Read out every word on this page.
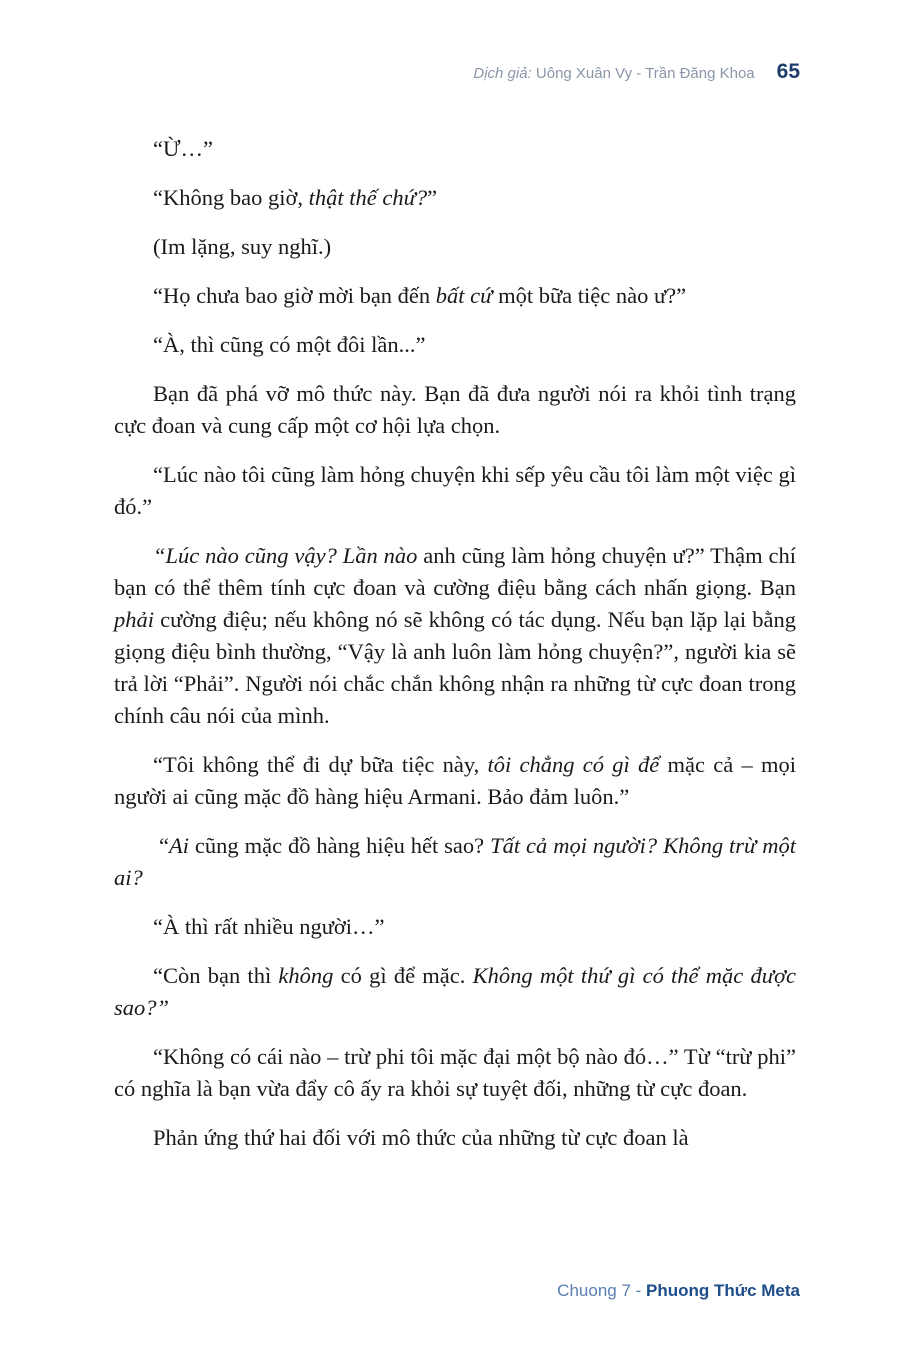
Dịch giả:
Uông Xuân Vy - Trần Đăng Khoa 65

“Ừ…”

“Không bao giờ, thật thế chứ?”

(Im lặng, suy nghĩ.)

“Họ chưa bao giờ mời bạn đến bất cứ một bữa tiệc nào ư?”

“À, thì cũng có một đôi lần...”

Bạn đã phá vỡ mô thức này. Bạn đã đưa người nói ra khỏi tình trạng cực đoan và cung cấp một cơ hội lựa chọn.

“Lúc nào tôi cũng làm hỏng chuyện khi sếp yêu cầu tôi làm một việc gì đó.”

“Lúc nào cũng vậy? Lần nào anh cũng làm hỏng chuyện ư?” Thậm chí bạn có thể thêm tính cực đoan và cường điệu bằng cách nhấn giọng. Bạn phải cường điệu; nếu không nó sẽ không có tác dụng. Nếu bạn lặp lại bằng giọng điệu bình thường, “Vậy là anh luôn làm hỏng chuyện?”, người kia sẽ trả lời “Phải”. Người nói chắc chắn không nhận ra những từ cực đoan trong chính câu nói của mình.

“Tôi không thể đi dự bữa tiệc này, tôi chẳng có gì để mặc cả – mọi người ai cũng mặc đồ hàng hiệu Armani. Bảo đảm luôn.”

“Ai cũng mặc đồ hàng hiệu hết sao? Tất cả mọi người? Không trừ một ai?

“À thì rất nhiều người…”

“Còn bạn thì không có gì để mặc. Không một thứ gì có thể mặc được sao?”

“Không có cái nào – trừ phi tôi mặc đại một bộ nào đó…” Từ “trừ phi” có nghĩa là bạn vừa đẩy cô ấy ra khỏi sự tuyệt đối, những từ cực đoan.

Phản ứng thứ hai đối với mô thức của những từ cực đoan là

Chuong 7 - Phuong Thức Meta
